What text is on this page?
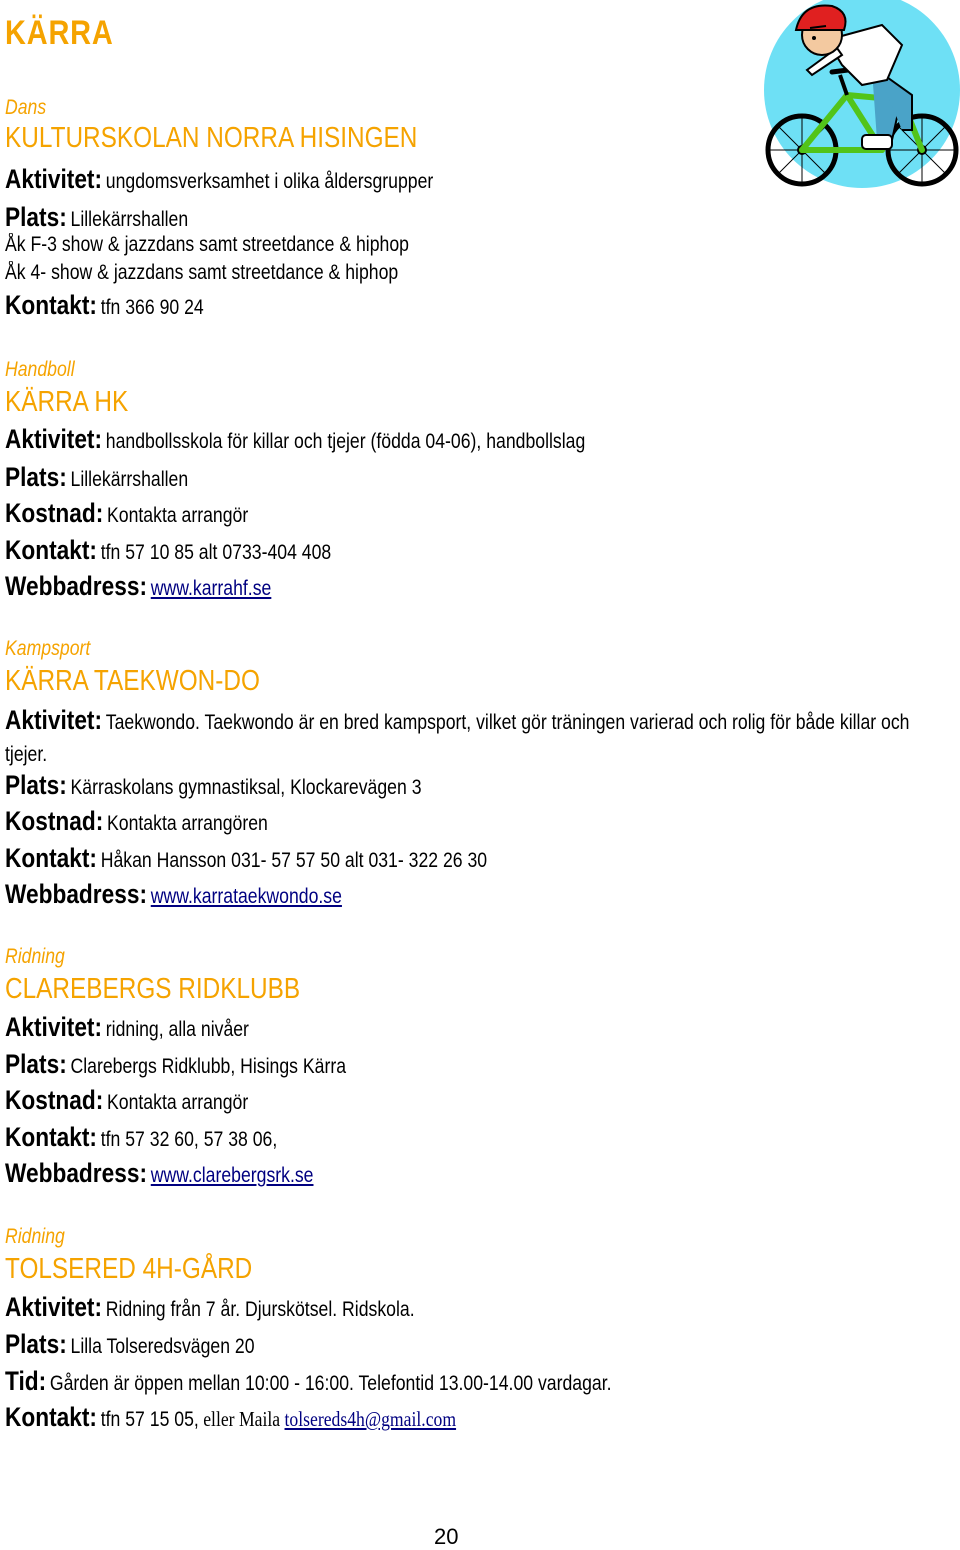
KÄRRA
Dans
KULTURSKOLAN NORRA HISINGEN
Aktivitet: ungdomsverksamhet i olika åldersgrupper
Plats: Lillekärrshallen
Åk F-3 show & jazzdans samt streetdance & hiphop
Åk 4- show & jazzdans samt streetdance & hiphop
Kontakt: tfn 366 90 24
Handboll
KÄRRA HK
Aktivitet: handbollsskola för killar och tjejer (födda 04-06), handbollslag
Plats: Lillekärrshallen
Kostnad: Kontakta arrangör
Kontakt: tfn 57 10 85 alt 0733-404 408
Webbadress: www.karrahf.se
Kampsport
KÄRRA TAEKWON-DO
Aktivitet: Taekwondo. Taekwondo är en bred kampsport, vilket gör träningen varierad och rolig för både killar och tjejer.
Plats: Kärraskolans gymnastiksal, Klockarevägen 3
Kostnad: Kontakta arrangören
Kontakt: Håkan Hansson 031- 57 57 50 alt 031- 322 26 30
Webbadress: www.karrataekwondo.se
Ridning
CLAREBERGS RIDKLUBB
Aktivitet: ridning, alla nivåer
Plats: Clarebergs Ridklubb, Hisings Kärra
Kostnad: Kontakta arrangör
Kontakt: tfn 57 32 60, 57 38 06,
Webbadress: www.clarebergsrk.se
Ridning
TOLSERED 4H-GÅRD
Aktivitet: Ridning från 7 år. Djurskötsel. Ridskola.
Plats: Lilla Tolseredsvägen 20
Tid: Gården är öppen mellan 10:00 - 16:00. Telefontid 13.00-14.00 vardagar.
Kontakt: tfn 57 15 05, eller Maila tolsereds4h@gmail.com
20
